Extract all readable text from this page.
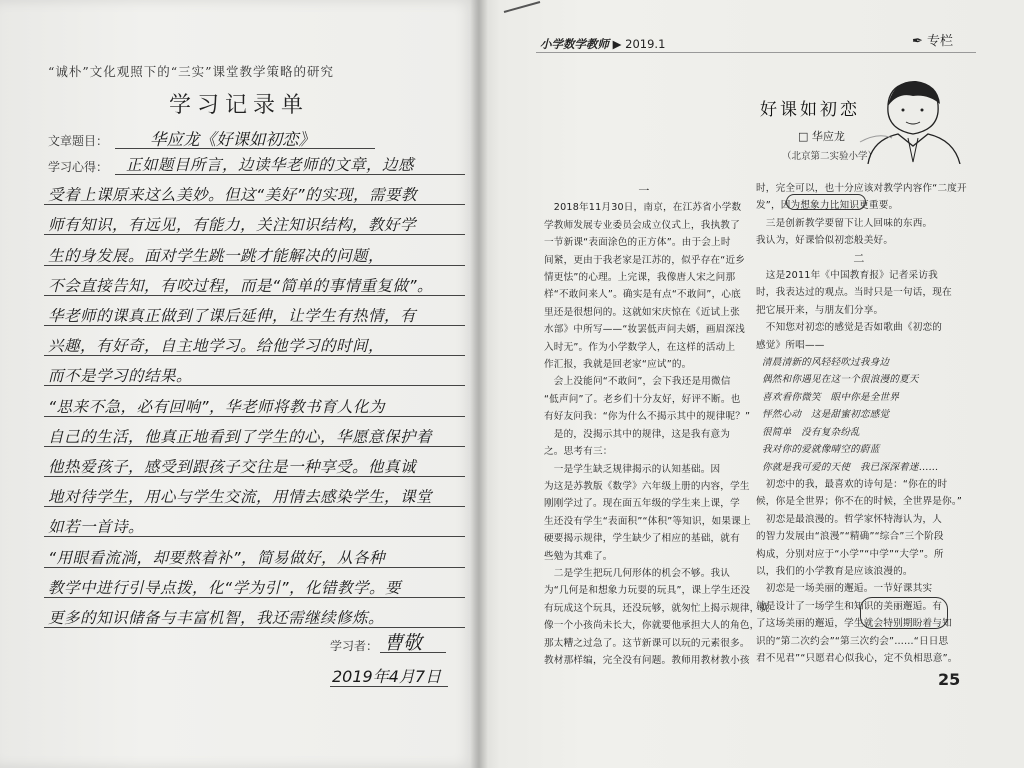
“诚朴”文化观照下的“三实”课堂教学策略的研究
学习记录单
文章题目：	华应龙《好课如初恋》
学习心得： 正如题目所言，边读华老师的文章，边感
受着上课原来这么美妙。但这“美好”的实现，需要教
师有知识，有远见，有能力，关注知识结构，教好学
生的身发展。面对学生跳一跳才能解决的问题，
不会直接告知，有咬过程，而是“简单的事情重复做”。
华老师的课真正做到了课后延伸，让学生有热情，有
兴趣，有好奇，自主地学习。给他学习的时间，
而不是学习的结果。
“思来不急，必有回响”，华老师将教书育人化为
自己的生活，他真正地看到了学生的心，华愿意保护着
他热爱孩子，感受到跟孩子交往是一种享受。他真诚
地对待学生，用心与学生交流，用情去感染学生，课堂
如若一首诗。
“用眼看流淌，却要熬着补”，简易做好，从各种
教学中进行引导点拨，化“学为引”，化错教学。要
更多的知识储备与丰富机智，我还需继续修炼。
学习者： 曹敬
2019年4月7日
小学数学教师 ▶ 2019.1	✒ 专栏
好课如初恋
□ 华应龙
（北京第二实验小学）

一

　2018年11月30日，南京，在江苏省小学数

学教师发展专业委员会成立仪式上，我执教了

一节新课“表面涂色的正方体”。由于会上时

间紧，更由于我老家是江苏的，似乎存在“近乡

情更怯”的心理。上完课，我像唐人宋之问那

样“不敢问来人”。确实是有点“不敢问”，心底

里还是很想问的。这就如宋庆惊在《近试上张

水部》中所写——“妆罢低声问夫婿，画眉深浅

入时无”。作为小学数学人，在这样的活动上

作汇报，我就是回老家“应试”的。

　会上没能问“不敢问”，会下我还是用微信

“低声问”了。老乡们十分友好，好评不断。也

有好友问我：“你为什么不揭示其中的规律呢？”

　是的，没揭示其中的规律，这是我有意为

之。思考有三：

　一是学生缺乏规律揭示的认知基础。因

为这是苏教版《数学》六年级上册的内容，学生

刚刚学过了。现在面五年级的学生来上课，学

生还没有学生“表面积”“体积”等知识，如果课上

硬要揭示规律，学生缺少了相应的基础，就有

些勉为其难了。

　二是学生把玩几何形体的机会不够。我认

为“几何是和想象力玩耍的玩具”，课上学生还没

有玩成这个玩具，还没玩够，就匆忙上揭示规律，就

像一个小孩尚未长大，你就要他承担大人的角色，

那太糟之过急了。这节新课可以玩的元素很多。

教材那样编，完全没有问题。教师用教材教小孩

时，完全可以，也十分应该对教学内容作“二度开

发”，因为想象力比知识更重要。

　三是创新教学要留下让人回味的东西。

我认为，好课恰似初恋般美好。

二

　这是2011年《中国教育报》记者采访我

时，我表达过的观点。当时只是一句话，现在

把它展开来，与朋友们分享。

　不知您对初恋的感觉是否如歌曲《初恋的

感觉》所唱——

清晨清新的风轻轻吹过我身边

偶然和你遇见在这一个很浪漫的夏天

喜欢看你微笑　眼中你是全世界

怦然心动　这是甜蜜初恋感觉

很简单　没有复杂纷乱

我对你的爱就像晴空的蔚蓝

你就是我可爱的天使　我已深深着迷……

　初恋中的我，最喜欢的诗句是：“你在的时

候，你是全世界；你不在的时候，全世界是你。”

　初恋是最浪漫的。哲学家怀特海认为，人

的智力发展由“浪漫”“精确”“综合”三个阶段

构成，分别对应于“小学”“中学”“大学”。所

以，我们的小学教育是应该浪漫的。

　初恋是一场美丽的邂逅。一节好课其实

就是设计了一场学生和知识的美丽邂逅。有

了这场美丽的邂逅，学生就会特别期盼着与知

识的“第二次约会”“第三次约会”……“日日思

君不见君”“只愿君心似我心，定不负相思意”。

25
